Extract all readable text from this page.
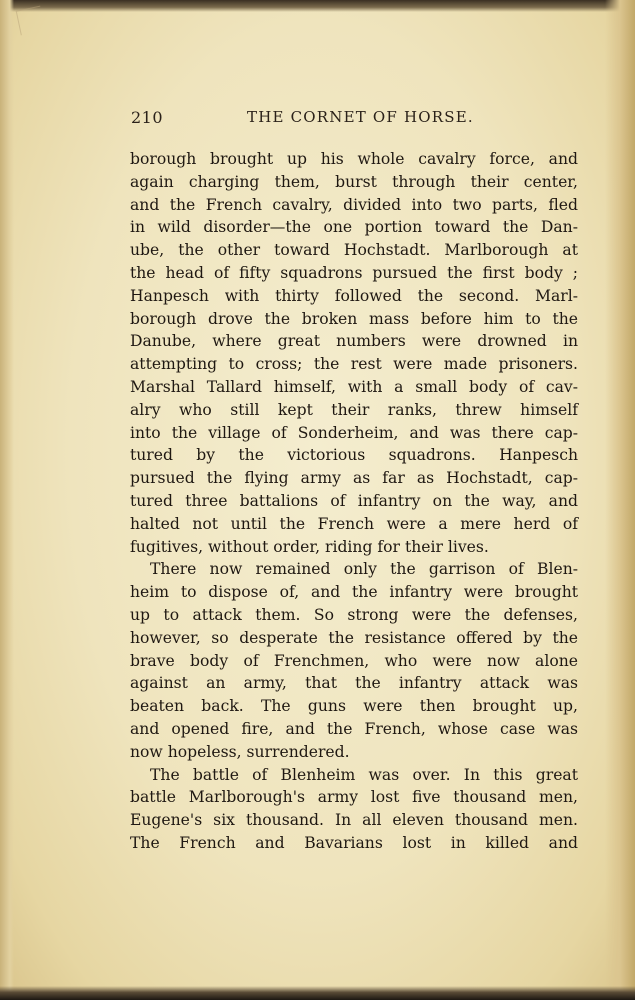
210	THE CORNET OF HORSE.
borough brought up his whole cavalry force, and
again charging them, burst through their center,
and the French cavalry, divided into two parts, fled
in wild disorder—the one portion toward the Dan-
ube, the other toward Hochstadt. Marlborough at
the head of fifty squadrons pursued the first body ;
Hanpesch with thirty followed the second. Marl-
borough drove the broken mass before him to the
Danube, where great numbers were drowned in
attempting to cross; the rest were made prisoners.
Marshal Tallard himself, with a small body of cav-
alry who still kept their ranks, threw himself
into the village of Sonderheim, and was there cap-
tured by the victorious squadrons. Hanpesch
pursued the flying army as far as Hochstadt, cap-
tured three battalions of infantry on the way, and
halted not until the French were a mere herd of
fugitives, without order, riding for their lives.
There now remained only the garrison of Blen-
heim to dispose of, and the infantry were brought
up to attack them. So strong were the defenses,
however, so desperate the resistance offered by the
brave body of Frenchmen, who were now alone
against an army, that the infantry attack was
beaten back. The guns were then brought up,
and opened fire, and the French, whose case was
now hopeless, surrendered.
The battle of Blenheim was over. In this great
battle Marlborough's army lost five thousand men,
Eugene's six thousand. In all eleven thousand men.
The French and Bavarians lost in killed and
